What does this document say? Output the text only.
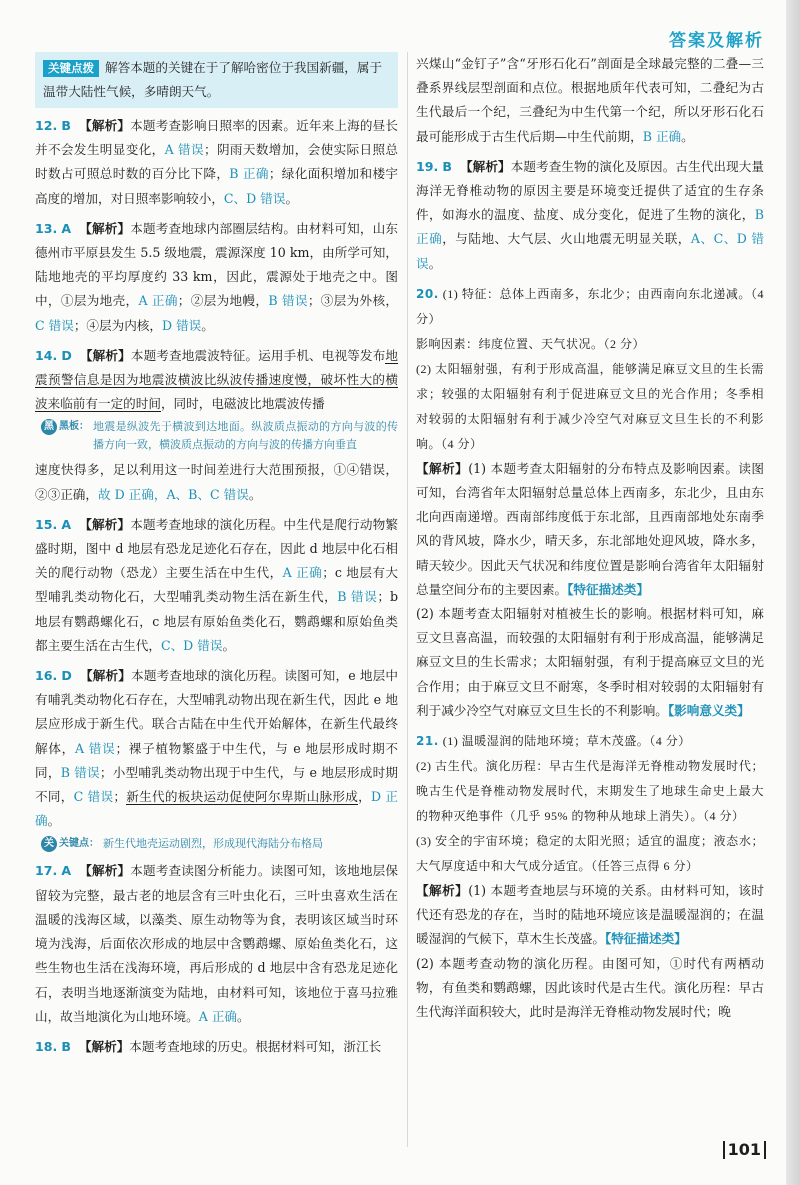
答案及解析
关键点拨 解答本题的关键在于了解哈密位于我国新疆，属于温带大陆性气候，多晴朗天气。
12. B 【解析】本题考查影响日照率的因素。近年来上海的昼长并不会发生明显变化，A 错误；阴雨天数增加，会使实际日照总时数占可照总时数的百分比下降，B 正确；绿化面积增加和楼宇高度的增加，对日照率影响较小，C、D 错误。
13. A 【解析】本题考查地球内部圈层结构。由材料可知，山东德州市平原县发生 5.5 级地震，震源深度 10 km，由所学可知，陆地地壳的平均厚度约 33 km，因此，震源处于地壳之中。图中，①层为地壳，A 正确；②层为地幔，B 错误；③层为外核，C 错误；④层为内核，D 错误。
14. D 【解析】本题考查地震波特征。运用手机、电视等发布地震预警信息是因为地震波横波比纵波传播速度慢，破坏性大的横波来临前有一定的时间，同时，电磁波比地震波传播
黑 黑板： 地震是纵波先于横波到达地面。纵波质点振动的方向与波的传播方向一致，横波质点振动的方向与波的传播方向垂直
速度快得多，足以利用这一时间差进行大范围预报，①④错误，②③正确，故 D 正确，A、B、C 错误。
15. A 【解析】本题考查地球的演化历程。中生代是爬行动物繁盛时期，图中 d 地层有恐龙足迹化石存在，因此 d 地层中化石相关的爬行动物（恐龙）主要生活在中生代，A 正确；c 地层有大型哺乳类动物化石，大型哺乳类动物生活在新生代，B 错误；b 地层有鹦鹉螺化石，c 地层有原始鱼类化石，鹦鹉螺和原始鱼类都主要生活在古生代，C、D 错误。
16. D 【解析】本题考查地球的演化历程。读图可知，e 地层中有哺乳类动物化石存在，大型哺乳动物出现在新生代，因此 e 地层应形成于新生代。联合古陆在中生代开始解体，在新生代最终解体，A 错误；裸子植物繁盛于中生代，与 e 地层形成时期不同，B 错误；小型哺乳类动物出现于中生代，与 e 地层形成时期不同，C 错误；新生代的板块运动促使阿尔卑斯山脉形成，D 正确。
关 关键点： 新生代地壳运动剧烈，形成现代海陆分布格局
17. A 【解析】本题考查读图分析能力。读图可知，该地地层保留较为完整，最古老的地层含有三叶虫化石，三叶虫喜欢生活在温暖的浅海区域，以藻类、原生动物等为食，表明该区域当时环境为浅海，后面依次形成的地层中含鹦鹉螺、原始鱼类化石，这些生物也生活在浅海环境，再后形成的 d 地层中含有恐龙足迹化石，表明当地逐渐演变为陆地，由材料可知，该地位于喜马拉雅山，故当地演化为山地环境。A 正确。
18. B 【解析】本题考查地球的历史。根据材料可知，浙江长
兴煤山“金钉子”含“牙形石化石”剖面是全球最完整的二叠—三叠系界线层型剖面和点位。根据地质年代表可知，二叠纪为古生代最后一个纪，三叠纪为中生代第一个纪，所以牙形石化石最可能形成于古生代后期—中生代前期，B 正确。
19. B 【解析】本题考查生物的演化及原因。古生代出现大量海洋无脊椎动物的原因主要是环境变迁提供了适宜的生存条件，如海水的温度、盐度、成分变化，促进了生物的演化，B 正确，与陆地、大气层、火山地震无明显关联，A、C、D 错误。
20. (1) 特征：总体上西南多，东北少；由西南向东北递减。（4 分）
影响因素：纬度位置、天气状况。（2 分）
(2) 太阳辐射强，有利于形成高温，能够满足麻豆文旦的生长需求；较强的太阳辐射有利于促进麻豆文旦的光合作用；冬季相对较弱的太阳辐射有利于减少冷空气对麻豆文旦生长的不利影响。（4 分）
【解析】(1) 本题考查太阳辐射的分布特点及影响因素。读图可知，台湾省年太阳辐射总量总体上西南多，东北少，且由东北向西南递增。西南部纬度低于东北部，且西南部地处东南季风的背风坡，降水少，晴天多，东北部地处迎风坡，降水多，晴天较少。因此天气状况和纬度位置是影响台湾省年太阳辐射总量空间分布的主要因素。【特征描述类】
(2) 本题考查太阳辐射对植被生长的影响。根据材料可知，麻豆文旦喜高温，而较强的太阳辐射有利于形成高温，能够满足麻豆文旦的生长需求；太阳辐射强，有利于提高麻豆文旦的光合作用；由于麻豆文旦不耐寒，冬季时相对较弱的太阳辐射有利于减少冷空气对麻豆文旦生长的不利影响。【影响意义类】
21. (1) 温暖湿润的陆地环境；草木茂盛。（4 分）
(2) 古生代。演化历程：早古生代是海洋无脊椎动物发展时代；晚古生代是脊椎动物发展时代，末期发生了地球生命史上最大的物种灭绝事件（几乎 95% 的物种从地球上消失）。（4 分）
(3) 安全的宇宙环境；稳定的太阳光照；适宜的温度；液态水；大气厚度适中和大气成分适宜。（任答三点得 6 分）
【解析】(1) 本题考查地层与环境的关系。由材料可知，该时代还有恐龙的存在，当时的陆地环境应该是温暖湿润的；在温暖湿润的气候下，草木生长茂盛。【特征描述类】
(2) 本题考查动物的演化历程。由图可知，①时代有两栖动物，有鱼类和鹦鹉螺，因此该时代是古生代。演化历程：早古生代海洋面积较大，此时是海洋无脊椎动物发展时代；晚
101
